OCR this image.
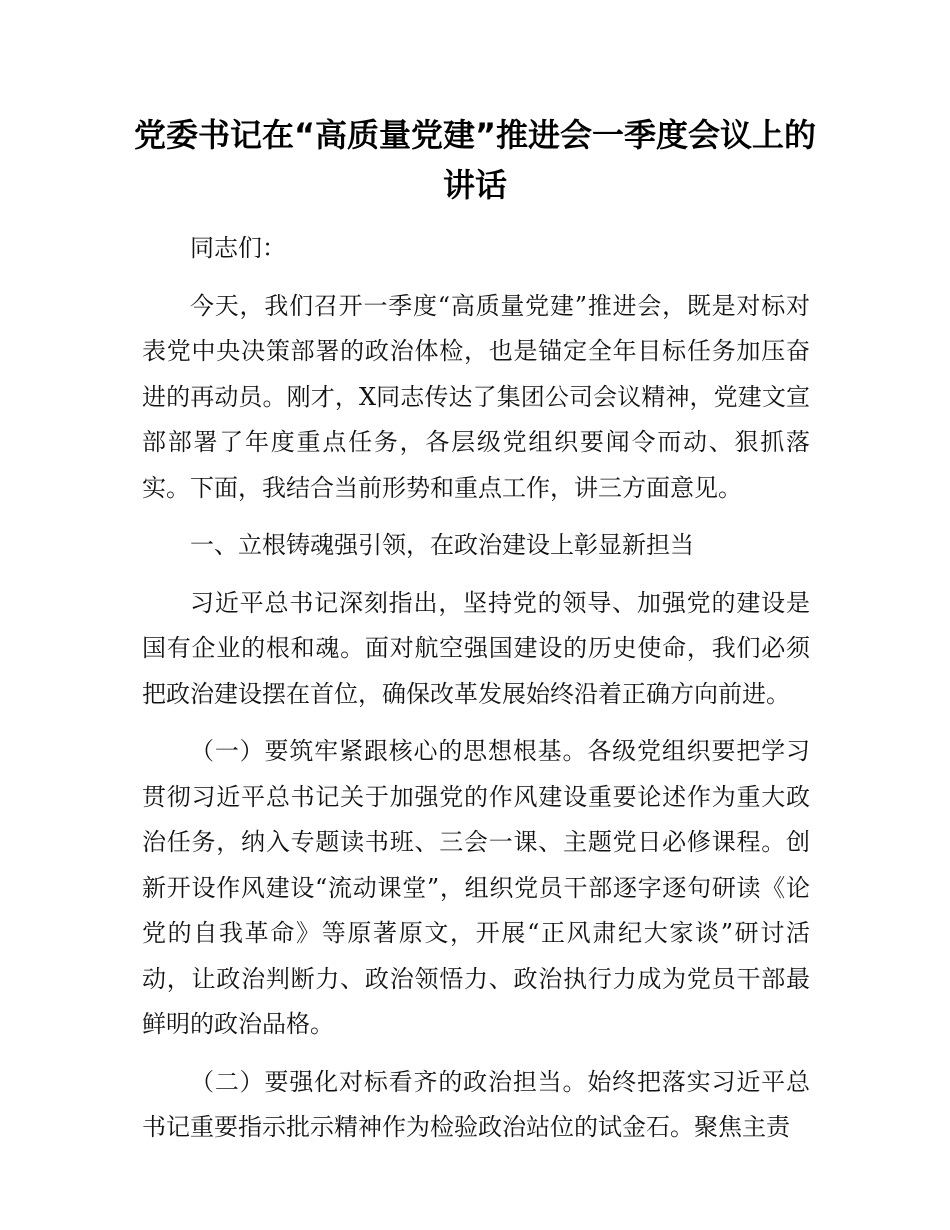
党委书记在“高质量党建”推进会一季度会议上的讲话

同志们：

今天，我们召开一季度“高质量党建”推进会，既是对标对表党中央决策部署的政治体检，也是锚定全年目标任务加压奋进的再动员。刚才，X同志传达了集团公司会议精神，党建文宣部部署了年度重点任务，各层级党组织要闻令而动、狠抓落实。下面，我结合当前形势和重点工作，讲三方面意见。

一、立根铸魂强引领，在政治建设上彰显新担当

习近平总书记深刻指出，坚持党的领导、加强党的建设是国有企业的根和魂。面对航空强国建设的历史使命，我们必须把政治建设摆在首位，确保改革发展始终沿着正确方向前进。

（一）要筑牢紧跟核心的思想根基。各级党组织要把学习贯彻习近平总书记关于加强党的作风建设重要论述作为重大政治任务，纳入专题读书班、三会一课、主题党日必修课程。创新开设作风建设“流动课堂”，组织党员干部逐字逐句研读《论党的自我革命》等原著原文，开展“正风肃纪大家谈”研讨活动，让政治判断力、政治领悟力、政治执行力成为党员干部最鲜明的政治品格。

（二）要强化对标看齐的政治担当。始终把落实习近平总书记重要指示批示精神作为检验政治站位的试金石。聚焦主责
